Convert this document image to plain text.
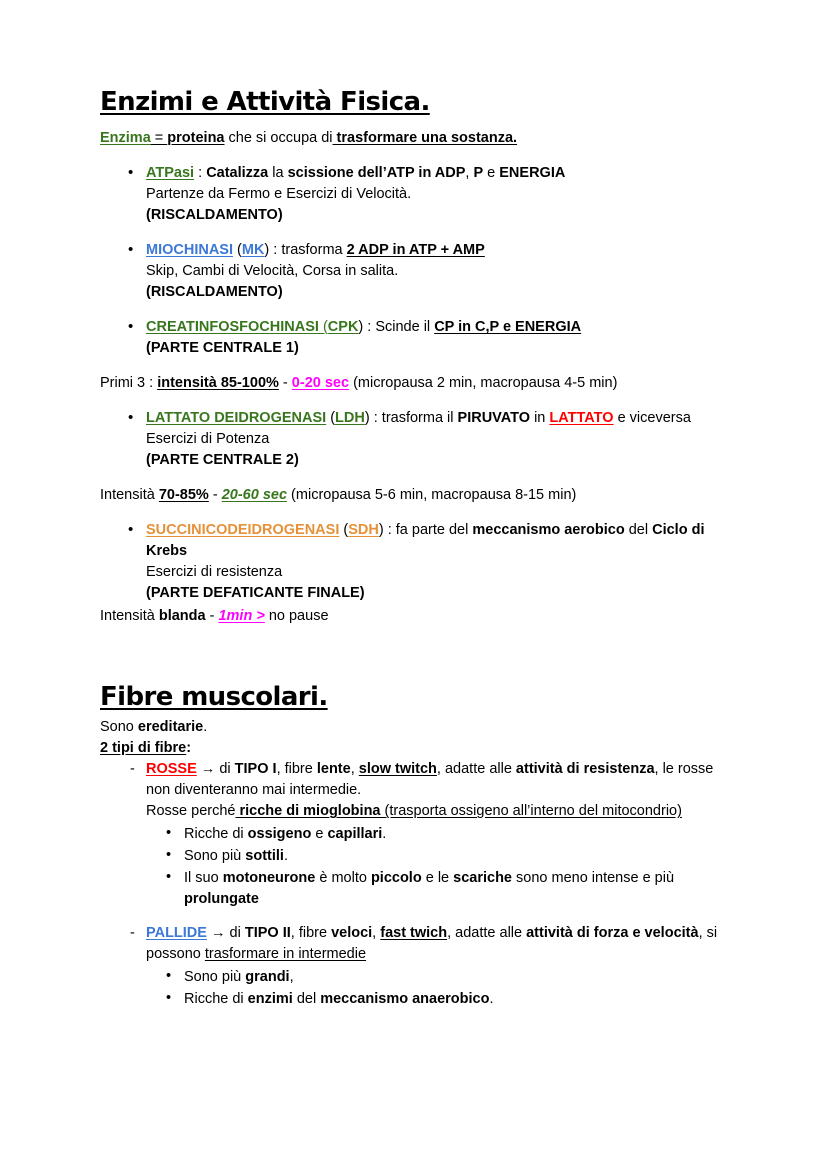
Enzimi e Attività Fisica.

Enzima = proteina che si occupa di trasformare una sostanza.

• ATPasi : Catalizza la scissione dell’ATP in ADP, P e ENERGIA
Partenze da Fermo e Esercizi di Velocità.
(RISCALDAMENTO)
• MIOCHINASI (MK) : trasforma 2 ADP in ATP + AMP
Skip, Cambi di Velocità, Corsa in salita.
(RISCALDAMENTO)
• CREATINFOSFOCHINASI (CPK) : Scinde il CP in C,P e ENERGIA
(PARTE CENTRALE 1)

Primi 3 : intensità 85-100% - 0-20 sec (micropausa 2 min, macropausa 4-5 min)

• LATTATO DEIDROGENASI (LDH) : trasforma il PIRUVATO in LATTATO e viceversa
Esercizi di Potenza
(PARTE CENTRALE 2)

Intensità 70-85% - 20-60 sec (micropausa 5-6 min, macropausa 8-15 min)

• SUCCINICODEIDROGENASI (SDH) : fa parte del meccanismo aerobico del Ciclo di Krebs
Esercizi di resistenza
(PARTE DEFATICANTE FINALE)

Intensità blanda - 1min > no pause

Fibre muscolari.

Sono ereditarie.

2 tipi di fibre:

- ROSSE → di TIPO I, fibre lente, slow twitch, adatte alle attività di resistenza, le rosse non diventeranno mai intermedie.
Rosse perché ricche di mioglobina (trasporta ossigeno all’interno del mitocondrio)
• Ricche di ossigeno e capillari.
• Sono più sottili.
• Il suo motoneurone è molto piccolo e le scariche sono meno intense e più prolungate
- PALLIDE → di TIPO II, fibre veloci, fast twich, adatte alle attività di forza e velocità, si possono trasformare in intermedie
• Sono più grandi,
• Ricche di enzimi del meccanismo anaerobico.
